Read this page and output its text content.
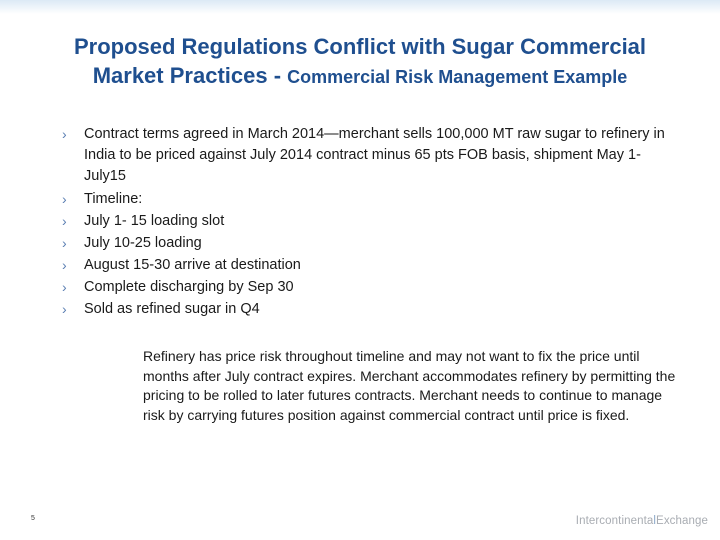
Proposed Regulations Conflict with Sugar Commercial
Market Practices - Commercial Risk Management Example
› Contract terms agreed in March 2014—merchant sells 100,000 MT raw sugar to refinery in India to be priced against July 2014 contract minus 65 pts FOB basis, shipment May 1-July15
› Timeline:
› July 1- 15 loading slot
› July 10-25 loading
› August 15-30 arrive at destination
› Complete discharging by Sep 30
› Sold as refined sugar in Q4
Refinery has price risk throughout timeline and may not want to fix the price until months after July contract expires. Merchant accommodates refinery by permitting the pricing to be rolled to later futures contracts. Merchant needs to continue to manage risk by carrying futures position against commercial contract until price is fixed.
5	IntercontinentalExchange
